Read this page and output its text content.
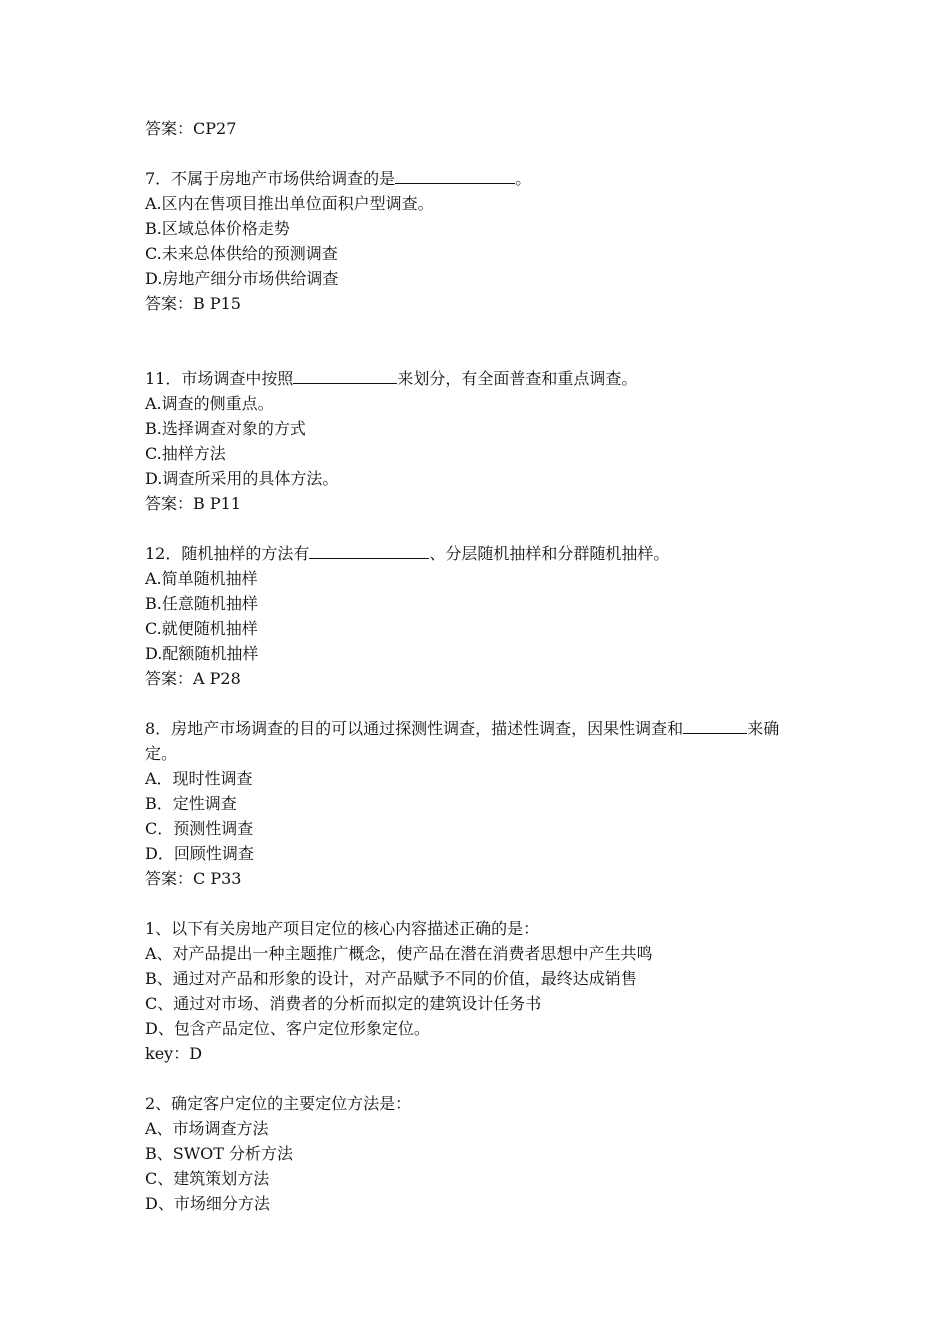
答案：CP27
7．不属于房地产市场供给调查的是	。
A.区内在售项目推出单位面积户型调查。
B.区域总体价格走势
C.未来总体供给的预测调查
D.房地产细分市场供给调查
答案：B P15
11．市场调查中按照	来划分，有全面普查和重点调查。
A.调查的侧重点。
B.选择调查对象的方式
C.抽样方法
D.调查所采用的具体方法。
答案：B P11
12．随机抽样的方法有	、分层随机抽样和分群随机抽样。
A.简单随机抽样
B.任意随机抽样
C.就便随机抽样
D.配额随机抽样
答案：A P28
8．房地产市场调查的目的可以通过探测性调查，描述性调查，因果性调查和	来确
定。
A．现时性调查
B．定性调查
C．预测性调查
D．回顾性调查
答案：C P33
1、以下有关房地产项目定位的核心内容描述正确的是：
A、对产品提出一种主题推广概念，使产品在潜在消费者思想中产生共鸣
B、通过对产品和形象的设计，对产品赋予不同的价值，最终达成销售
C、通过对市场、消费者的分析而拟定的建筑设计任务书
D、包含产品定位、客户定位形象定位。
key：D
2、确定客户定位的主要定位方法是：
A、市场调查方法
B、SWOT 分析方法
C、建筑策划方法
D、市场细分方法
